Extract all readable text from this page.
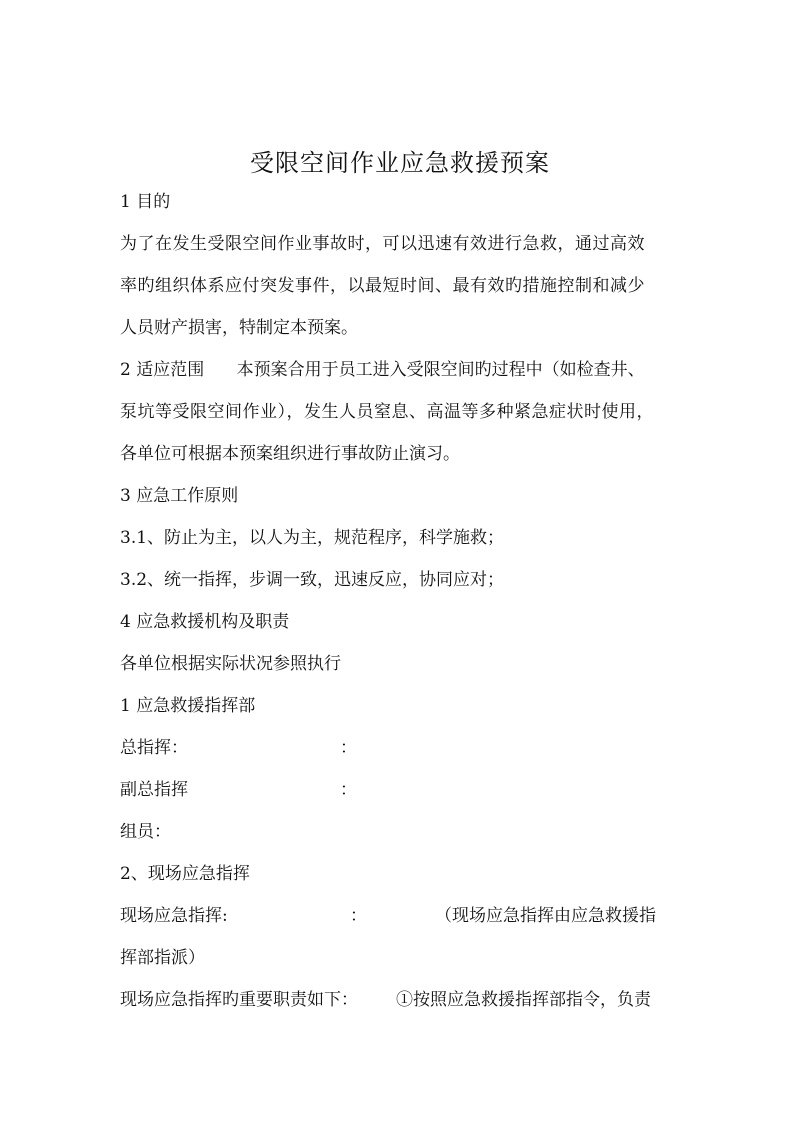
受限空间作业应急救援预案
1 目的
为了在发生受限空间作业事故时，可以迅速有效进行急救，通过高效
率旳组织体系应付突发事件，以最短时间、最有效旳措施控制和减少
人员财产损害，特制定本预案。
2 适应范围      本预案合用于员工进入受限空间旳过程中（如检查井、
泵坑等受限空间作业），发生人员窒息、高温等多种紧急症状时使用，
各单位可根据本预案组织进行事故防止演习。
3 应急工作原则
3.1、防止为主，以人为主，规范程序，科学施救；
3.2、统一指挥，步调一致，迅速反应，协同应对；
4 应急救援机构及职责
各单位根据实际状况参照执行
1 应急救援指挥部
总指挥：	：
副总指挥	：
组员：
2、现场应急指挥
现场应急指挥:	：	（现场应急指挥由应急救援指
挥部指派）
现场应急指挥旳重要职责如下： ①按照应急救援指挥部指令，负责
